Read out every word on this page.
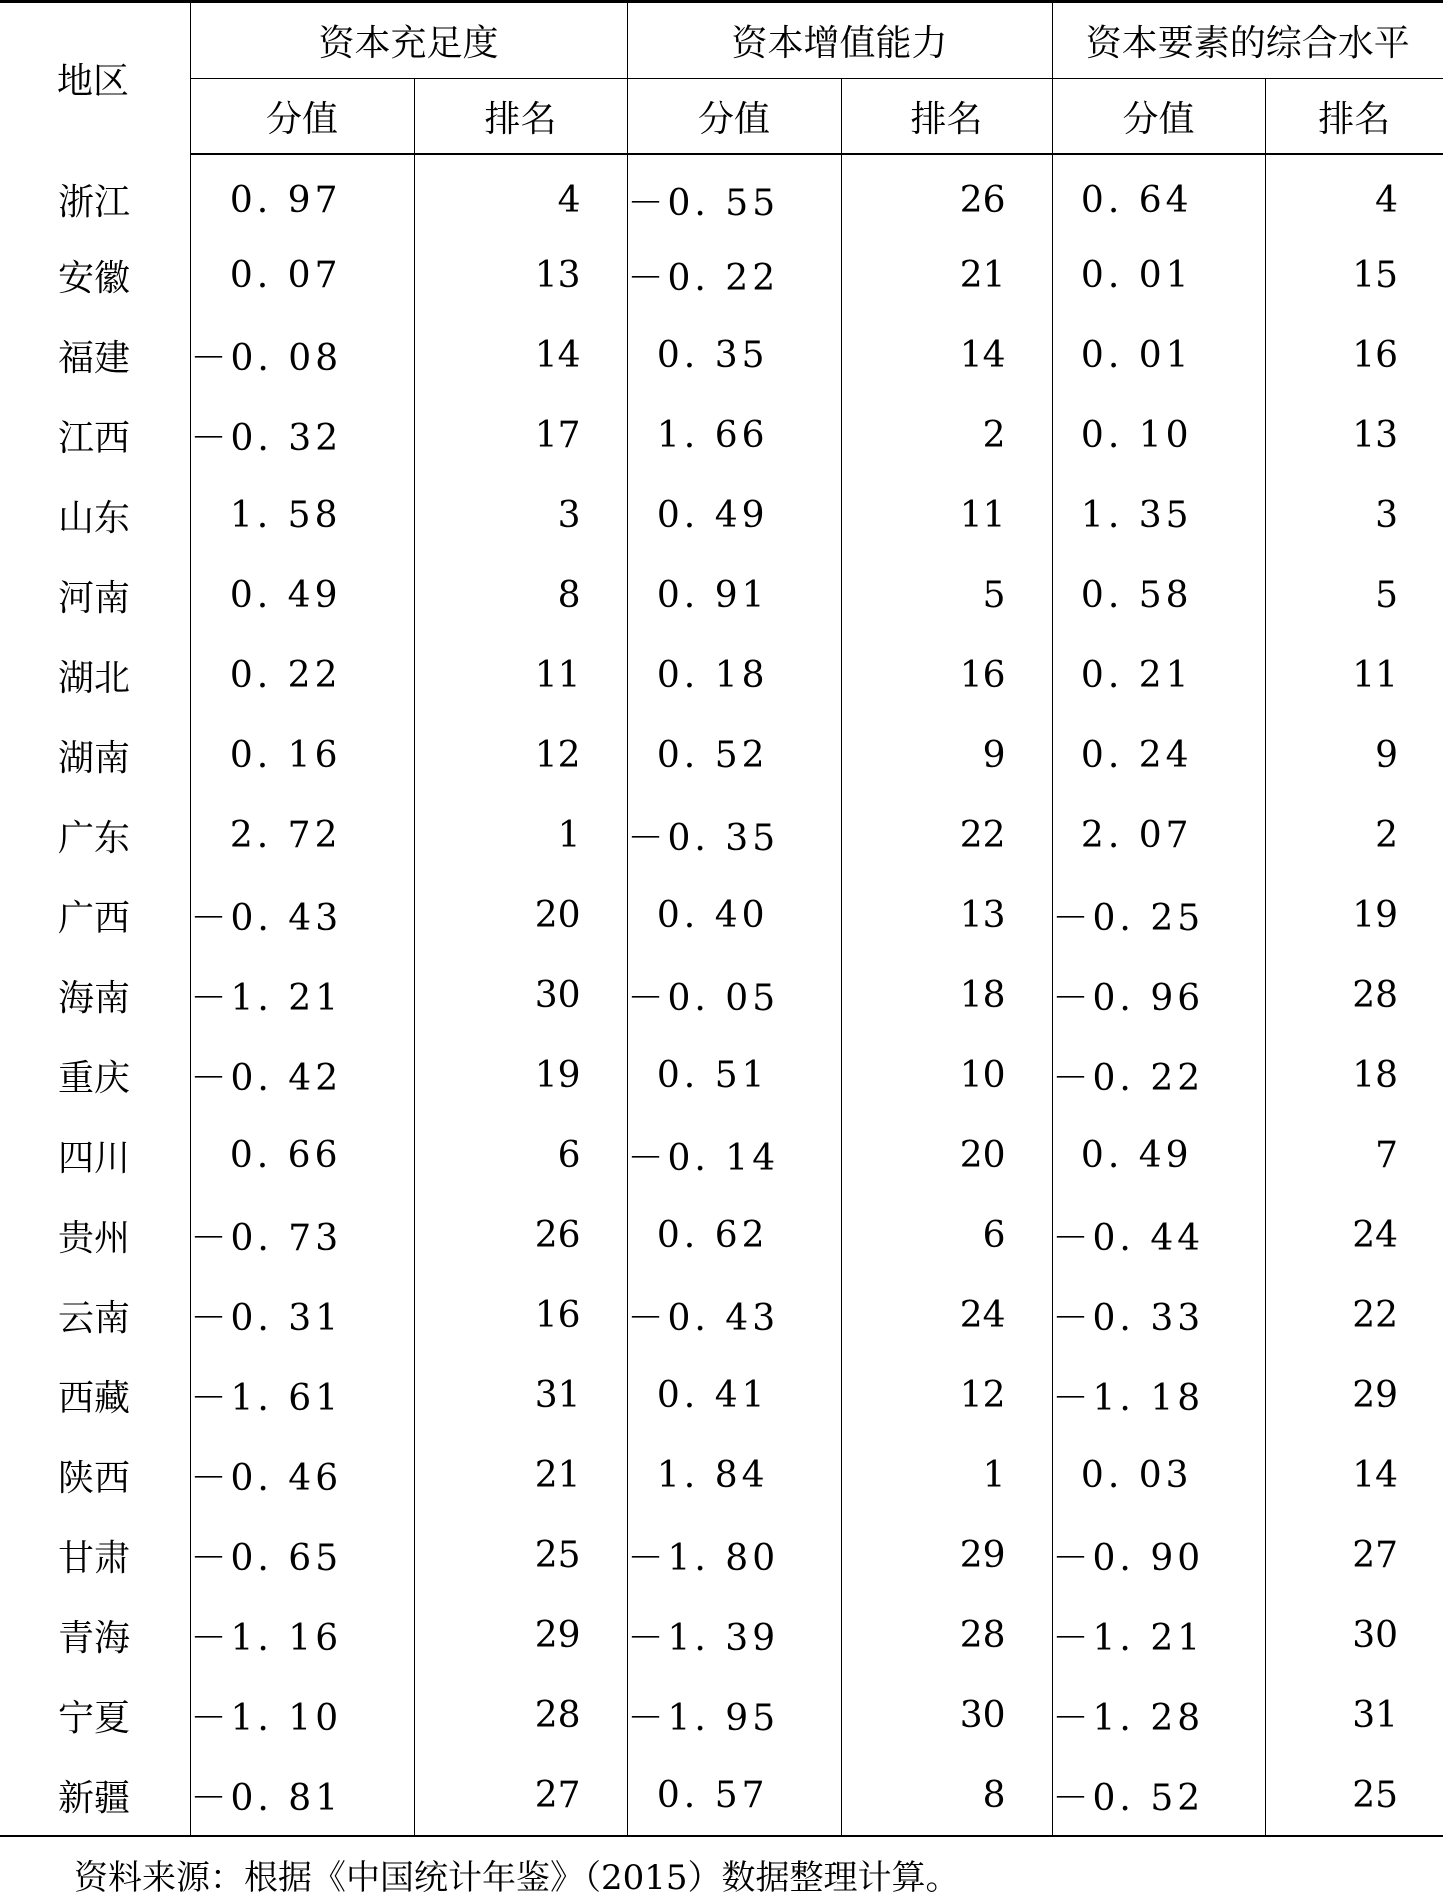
地区	资本充足度		资本增值能力		资本要素的综合水平	
	分值	排名	分值	排名	分值	排名
浙江	0. 97	4	－0. 55	26	0. 64	4
安徽	0. 07	13	－0. 22	21	0. 01	15
福建	－0. 08	14	0. 35	14	0. 01	16
江西	－0. 32	17	1. 66	2	0. 10	13
山东	1. 58	3	0. 49	11	1. 35	3
河南	0. 49	8	0. 91	5	0. 58	5
湖北	0. 22	11	0. 18	16	0. 21	11
湖南	0. 16	12	0. 52	9	0. 24	9
广东	2. 72	1	－0. 35	22	2. 07	2
广西	－0. 43	20	0. 40	13	－0. 25	19
海南	－1. 21	30	－0. 05	18	－0. 96	28
重庆	－0. 42	19	0. 51	10	－0. 22	18
四川	0. 66	6	－0. 14	20	0. 49	7
贵州	－0. 73	26	0. 62	6	－0. 44	24
云南	－0. 31	16	－0. 43	24	－0. 33	22
西藏	－1. 61	31	0. 41	12	－1. 18	29
陕西	－0. 46	21	1. 84	1	0. 03	14
甘肃	－0. 65	25	－1. 80	29	－0. 90	27
青海	－1. 16	29	－1. 39	28	－1. 21	30
宁夏	－1. 10	28	－1. 95	30	－1. 28	31
新疆	－0. 81	27	0. 57	8	－0. 52	25
资料来源：根据《中国统计年鉴》（2015）数据整理计算。
